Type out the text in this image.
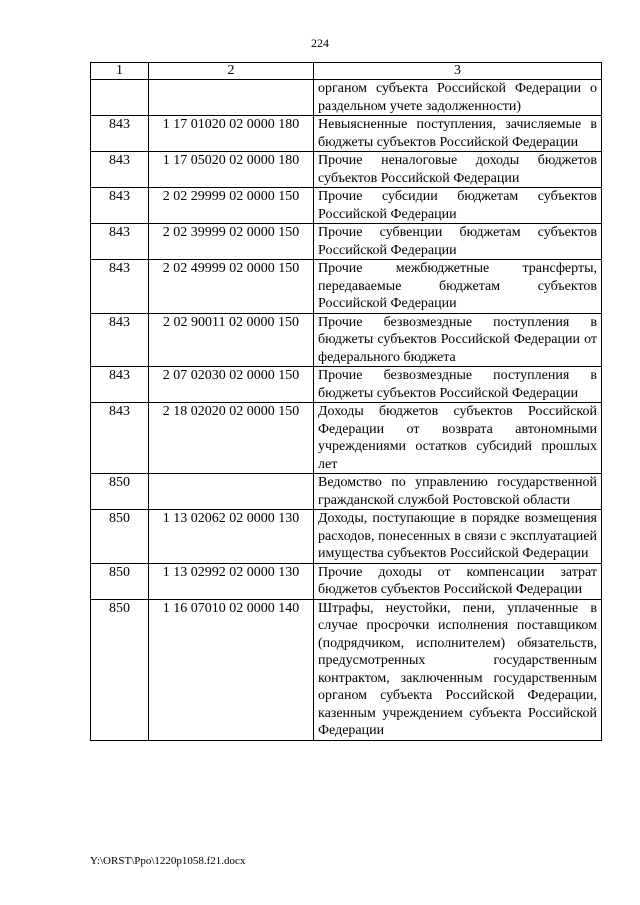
224
1	2	3
		органом субъекта Российской Федерации о раздельном учете задолженности)
843	1 17 01020 02 0000 180	Невыясненные поступления, зачисляемые в бюджеты субъектов Российской Федерации
843	1 17 05020 02 0000 180	Прочие неналоговые доходы бюджетов субъектов Российской Федерации
843	2 02 29999 02 0000 150	Прочие субсидии бюджетам субъектов Российской Федерации
843	2 02 39999 02 0000 150	Прочие субвенции бюджетам субъектов Российской Федерации
843	2 02 49999 02 0000 150	Прочие межбюджетные трансферты, передаваемые бюджетам субъектов Российской Федерации
843	2 02 90011 02 0000 150	Прочие безвозмездные поступления в бюджеты субъектов Российской Федерации от федерального бюджета
843	2 07 02030 02 0000 150	Прочие безвозмездные поступления в бюджеты субъектов Российской Федерации
843	2 18 02020 02 0000 150	Доходы бюджетов субъектов Российской Федерации от возврата автономными учреждениями остатков субсидий прошлых лет
850		Ведомство по управлению государственной гражданской службой Ростовской области
850	1 13 02062 02 0000 130	Доходы, поступающие в порядке возмещения расходов, понесенных в связи с эксплуатацией имущества субъектов Российской Федерации
850	1 13 02992 02 0000 130	Прочие доходы от компенсации затрат бюджетов субъектов Российской Федерации
850	1 16 07010 02 0000 140	Штрафы, неустойки, пени, уплаченные в случае просрочки исполнения поставщиком (подрядчиком, исполнителем) обязательств, предусмотренных государственным контрактом, заключенным государственным органом субъекта Российской Федерации, казенным учреждением субъекта Российской Федерации
Y:\ORST\Ppo\1220p1058.f21.docx
